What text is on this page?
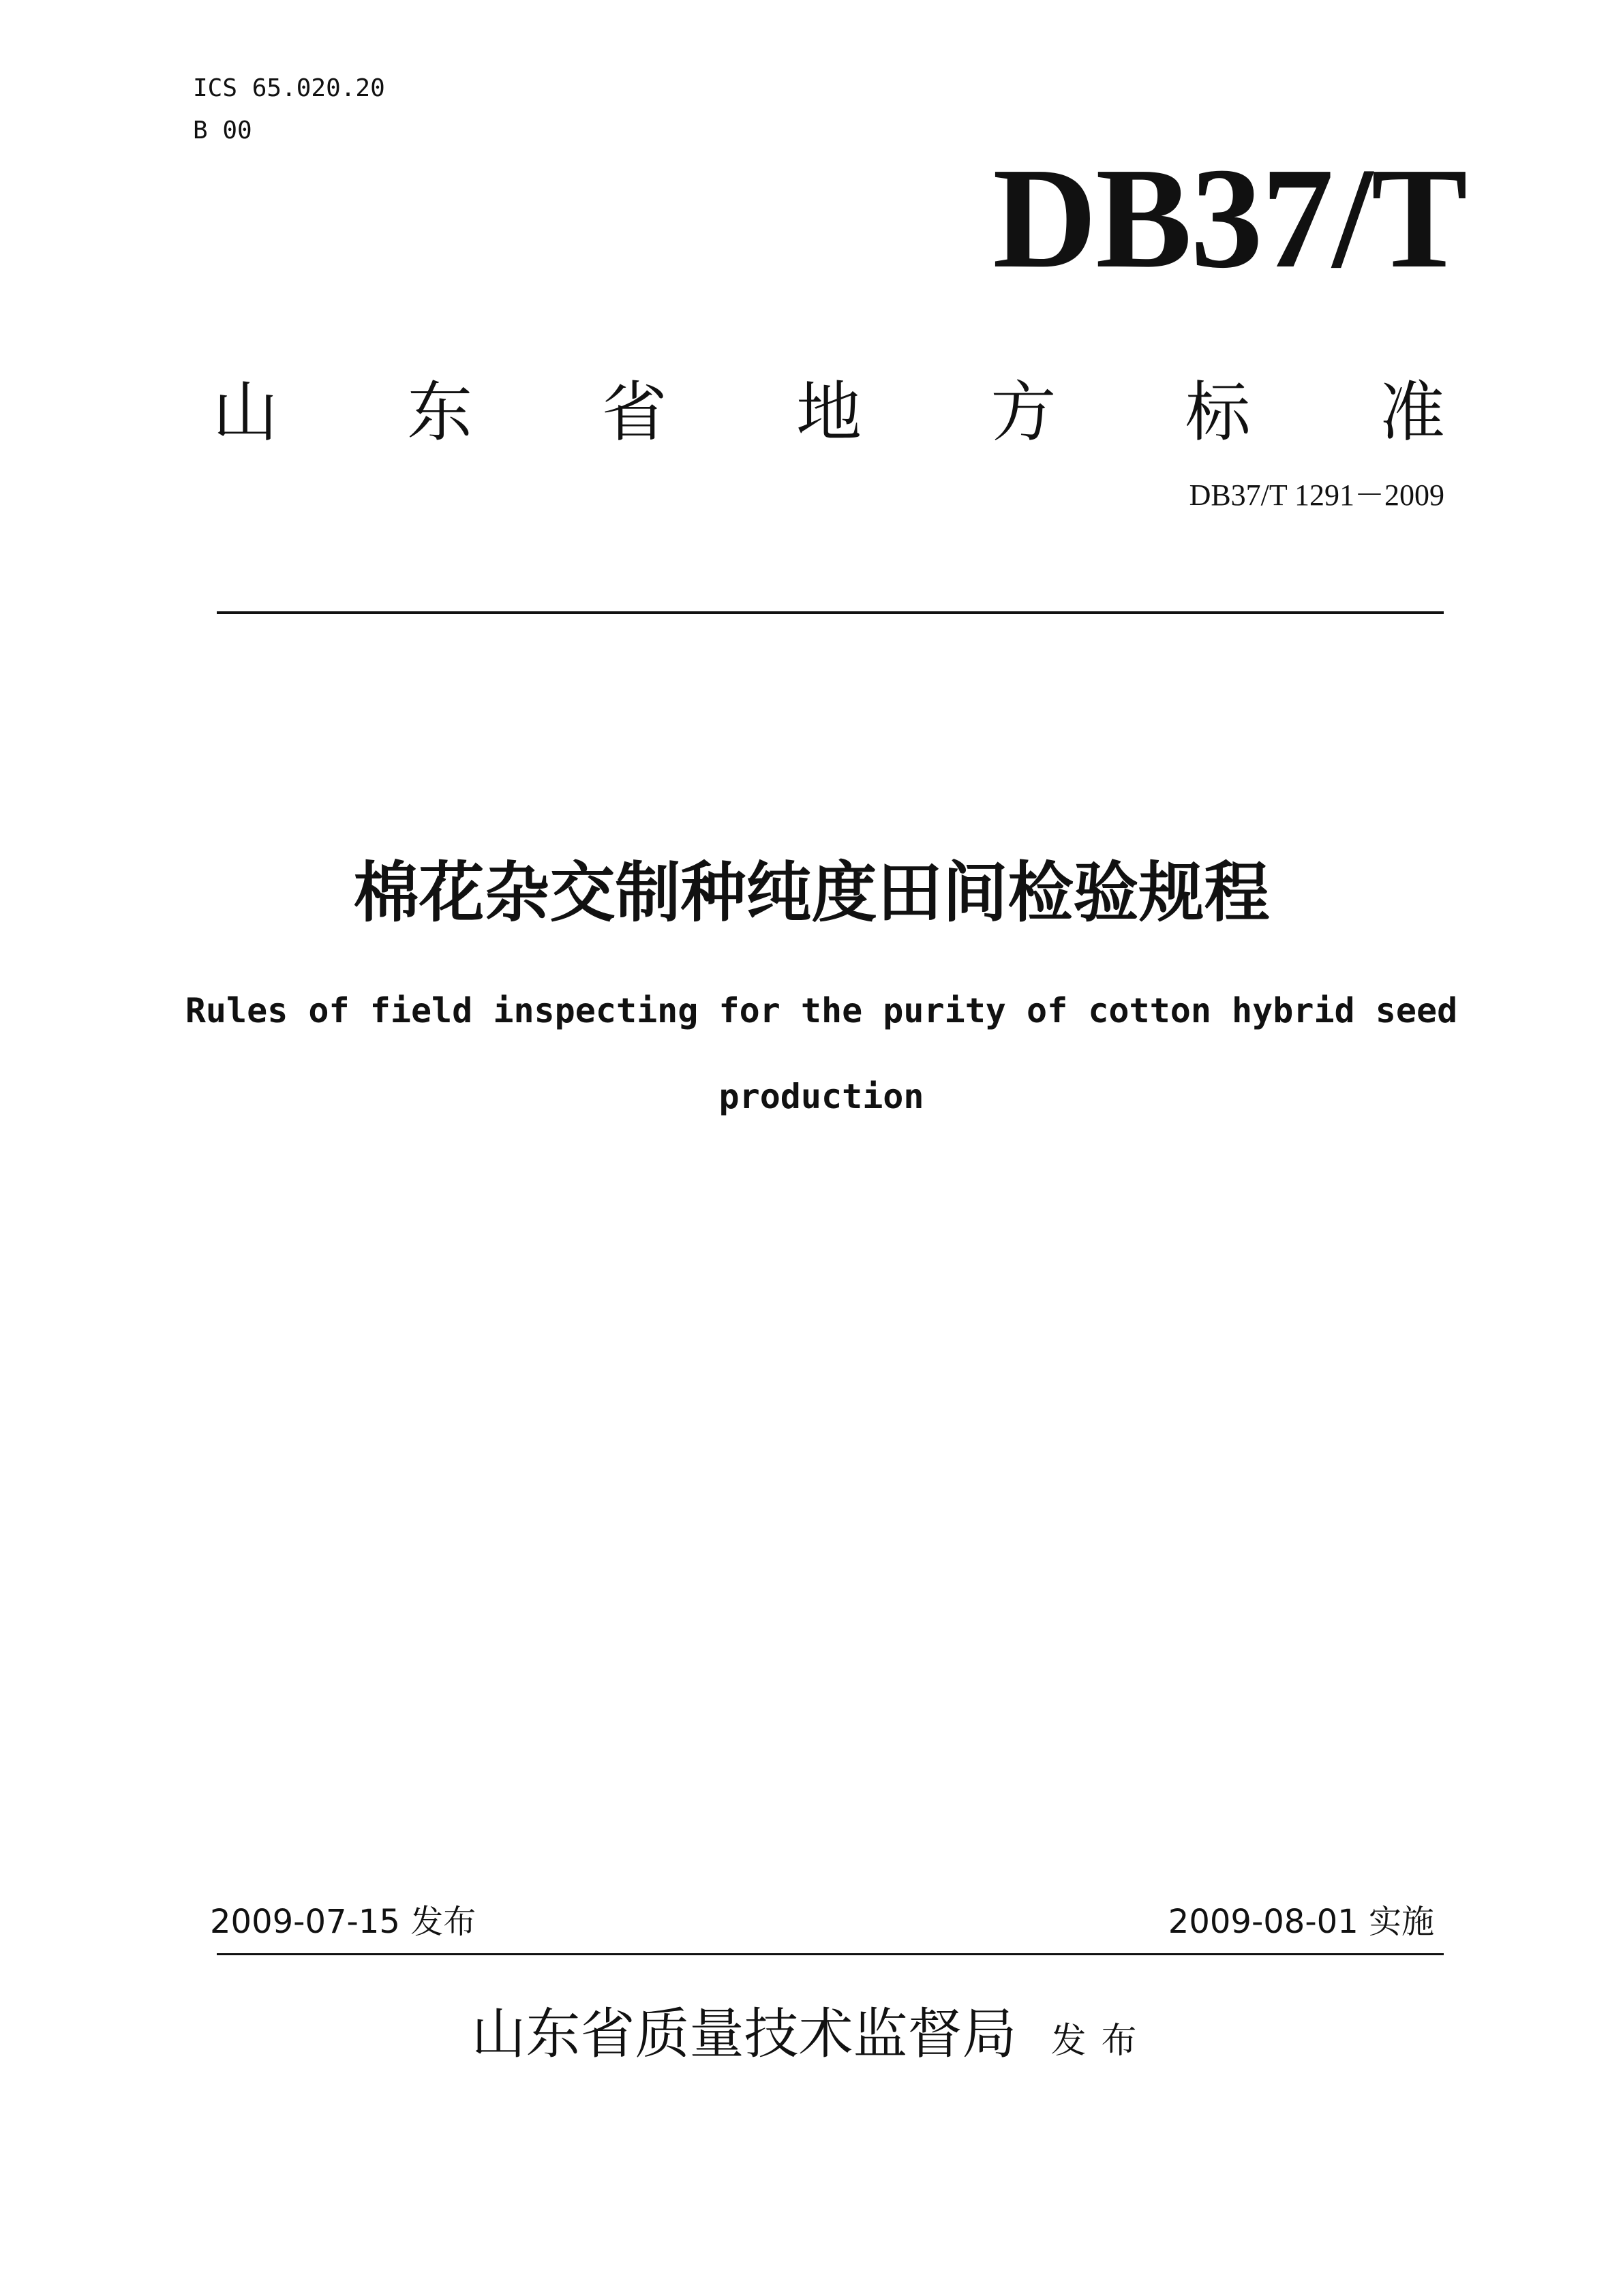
ICS 65.020.20
B 00
DB37/T
山 东 省 地 方 标 准
DB37/T 1291－2009
棉花杂交制种纯度田间检验规程
Rules of field inspecting for the purity of cotton hybrid seed production
2009-07-15 发布	2009-08-01 实施
山东省质量技术监督局 发布
